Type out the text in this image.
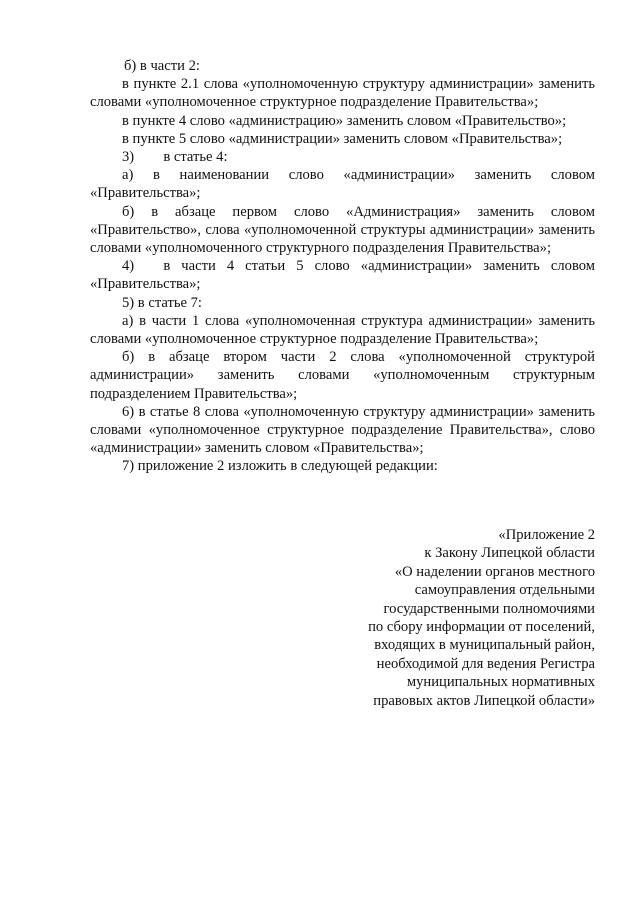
б) в части 2:

в пункте 2.1 слова «уполномоченную структуру администрации» заменить словами «уполномоченное структурное подразделение Правительства»;

в пункте 4 слово «администрацию» заменить словом «Правительство»;

в пункте 5 слово «администрации» заменить словом «Правительства»;

3)  в статье 4:

а) в наименовании слово «администрации» заменить словом «Правительства»;

б) в абзаце первом слово «Администрация» заменить словом «Правительство», слова «уполномоченной структуры администрации» заменить словами «уполномоченного структурного подразделения Правительства»;

4)  в части 4 статьи 5 слово «администрации» заменить словом «Правительства»;

5) в статье 7:

а) в части 1 слова «уполномоченная структура администрации» заменить словами «уполномоченное структурное подразделение Правительства»;

б) в абзаце втором части 2 слова «уполномоченной структурой администрации» заменить словами «уполномоченным структурным подразделением Правительства»;

6) в статье 8 слова «уполномоченную структуру администрации» заменить словами «уполномоченное структурное подразделение Правительства», слово «администрации» заменить словом «Правительства»;

7) приложение 2 изложить в следующей редакции:

«Приложение 2
к Закону Липецкой области
«О наделении органов местного
самоуправления отдельными
государственными полномочиями
по сбору информации от поселений,
входящих в муниципальный район,
необходимой для ведения Регистра
муниципальных нормативных
правовых актов Липецкой области»
